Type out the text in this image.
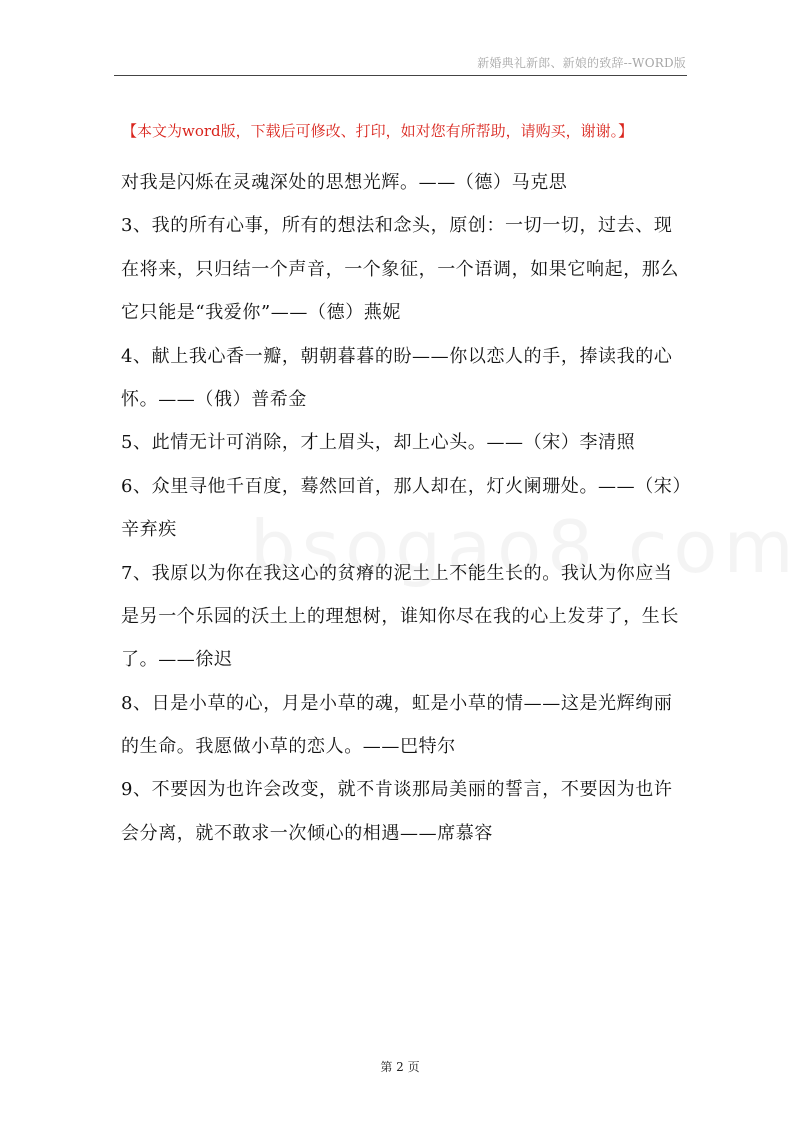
新婚典礼新郎、新娘的致辞--WORD版
【本文为word版，下载后可修改、打印，如对您有所帮助，请购买，谢谢。】
对我是闪烁在灵魂深处的思想光辉。——（德）马克思
3、我的所有心事，所有的想法和念头，原创：一切一切，过去、现
在将来，只归结一个声音，一个象征，一个语调，如果它响起，那么
它只能是“我爱你”——（德）燕妮
4、献上我心香一瓣，朝朝暮暮的盼——你以恋人的手，捧读我的心
怀。——（俄）普希金
5、此情无计可消除，才上眉头，却上心头。——（宋）李清照
6、众里寻他千百度，蓦然回首，那人却在，灯火阑珊处。——（宋）
辛弃疾
7、我原以为你在我这心的贫瘠的泥土上不能生长的。我认为你应当
是另一个乐园的沃土上的理想树，谁知你尽在我的心上发芽了，生长
了。——徐迟
8、日是小草的心，月是小草的魂，虹是小草的情——这是光辉绚丽
的生命。我愿做小草的恋人。——巴特尔
9、不要因为也许会改变，就不肯谈那局美丽的誓言，不要因为也许
会分离，就不敢求一次倾心的相遇——席慕容
第 2 页
